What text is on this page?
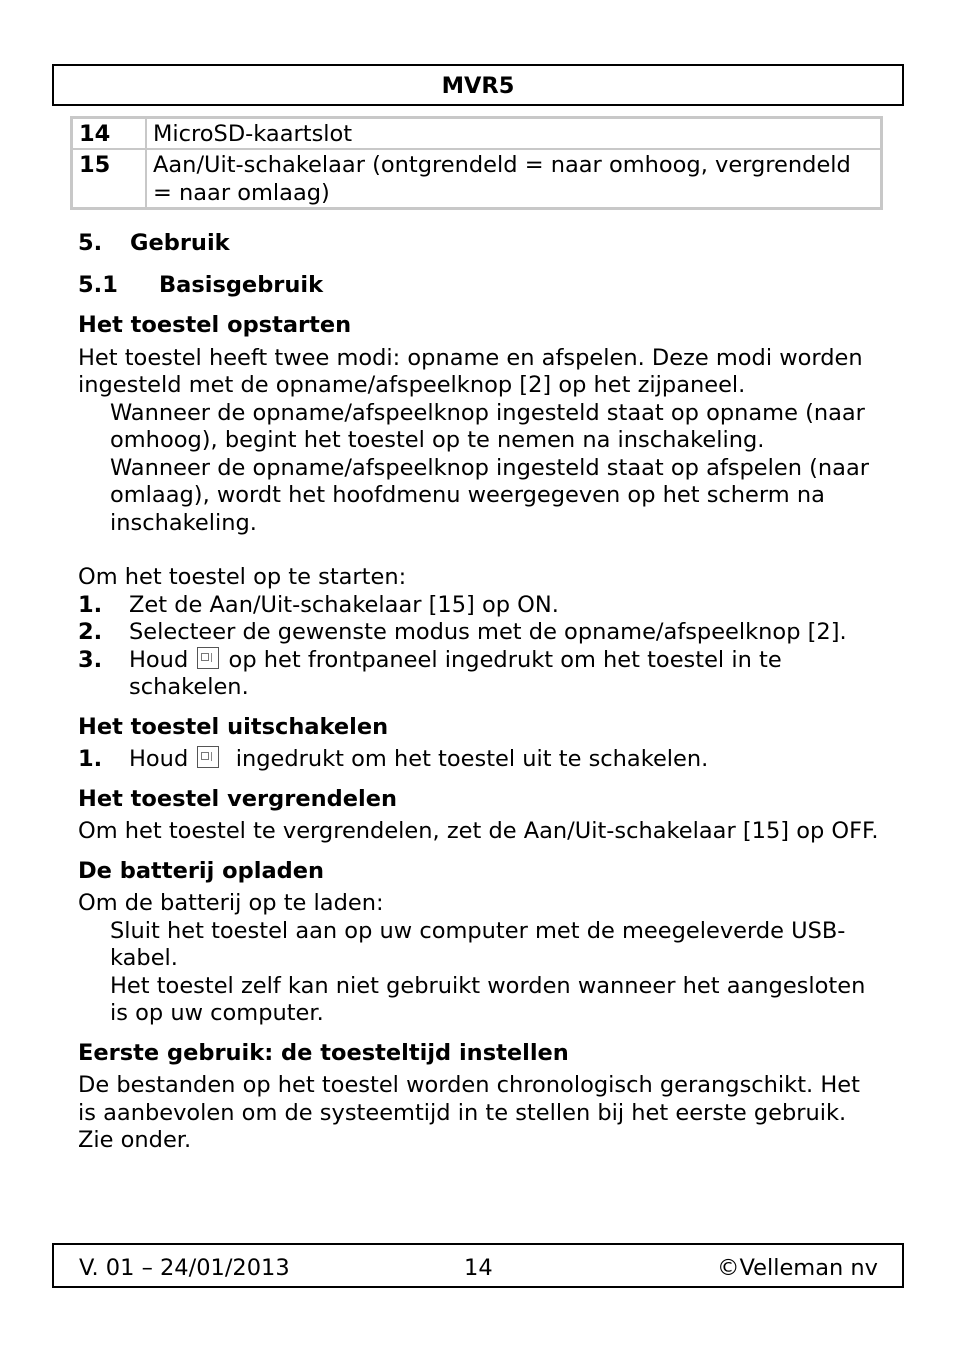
MVR5
14	MicroSD-kaartslot
15	Aan/Uit-schakelaar (ontgrendeld = naar omhoog, vergrendeld = naar omlaag)
5. Gebruik
5.1 Basisgebruik
Het toestel opstarten

Het toestel heeft twee modi: opname en afspelen. Deze modi worden ingesteld met de opname/afspeelknop [2] op het zijpaneel.

Wanneer de opname/afspeelknop ingesteld staat op opname (naar omhoog), begint het toestel op te nemen na inschakeling.

Wanneer de opname/afspeelknop ingesteld staat op afspelen (naar omlaag), wordt het hoofdmenu weergegeven op het scherm na inschakeling.

Om het toestel op te starten:

1.	Zet de Aan/Uit-schakelaar [15] op ON.
2.	Selecteer de gewenste modus met de opname/afspeelknop [2].
3.	Houd op het frontpaneel ingedrukt om het toestel in te schakelen.
Het toestel uitschakelen
1.	Houd ingedrukt om het toestel uit te schakelen.
Het toestel vergrendelen

Om het toestel te vergrendelen, zet de Aan/Uit-schakelaar [15] op OFF.

De batterij opladen

Om de batterij op te laden:

Sluit het toestel aan op uw computer met de meegeleverde USB-kabel.

Het toestel zelf kan niet gebruikt worden wanneer het aangesloten is op uw computer.

Eerste gebruik: de toesteltijd instellen

De bestanden op het toestel worden chronologisch gerangschikt. Het is aanbevolen om de systeemtijd in te stellen bij het eerste gebruik. Zie onder.

V. 01 – 24/01/2013	14	©Velleman nv
